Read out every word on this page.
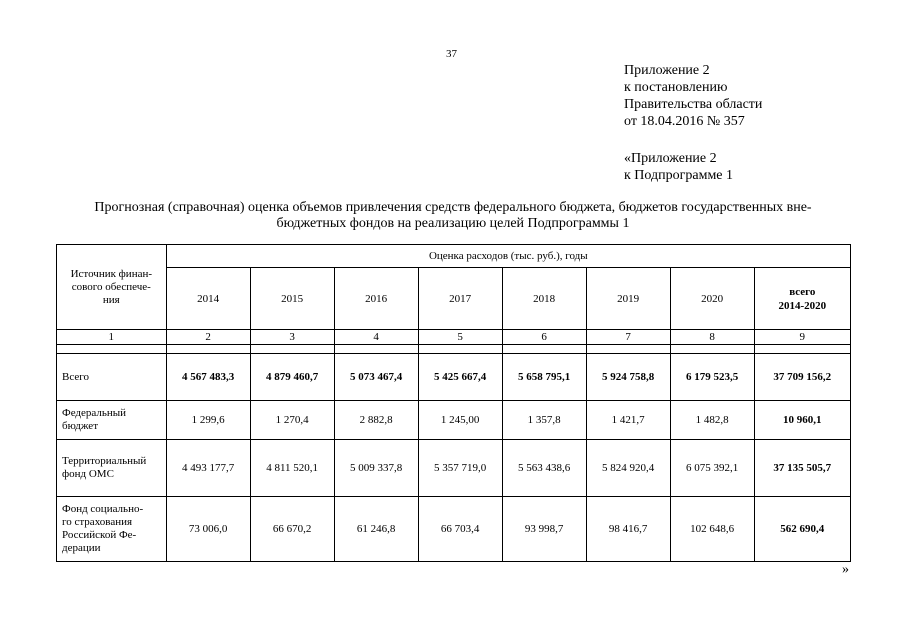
37
Приложение 2
к постановлению
Правительства области
от 18.04.2016 № 357
«Приложение 2
к Подпрограмме 1
Прогнозная (справочная) оценка объемов привлечения средств федерального бюджета, бюджетов государственных вне-
бюджетных фондов на реализацию целей Подпрограммы 1
Источник финан-
сового обеспече-
ния	Оценка расходов (тыс. руб.), годы							
	2014	2015	2016	2017	2018	2019	2020	всего
2014-2020

1	2	3	4	5	6	7	8	9

Всего	4 567 483,3	4 879 460,7	5 073 467,4	5 425 667,4	5 658 795,1	5 924 758,8	6 179 523,5	37 709 156,2

Федеральный
бюджет	1 299,6	1 270,4	2 882,8	1 245,00	1 357,8	1 421,7	1 482,8	10 960,1

Территориальный
фонд ОМС	4 493 177,7	4 811 520,1	5 009 337,8	5 357 719,0	5 563 438,6	5 824 920,4	6 075 392,1	37 135 505,7

Фонд социально-
го страхования
Российской Фе-
дерации	73 006,0	66 670,2	61 246,8	66 703,4	93 998,7	98 416,7	102 648,6	562 690,4
»
